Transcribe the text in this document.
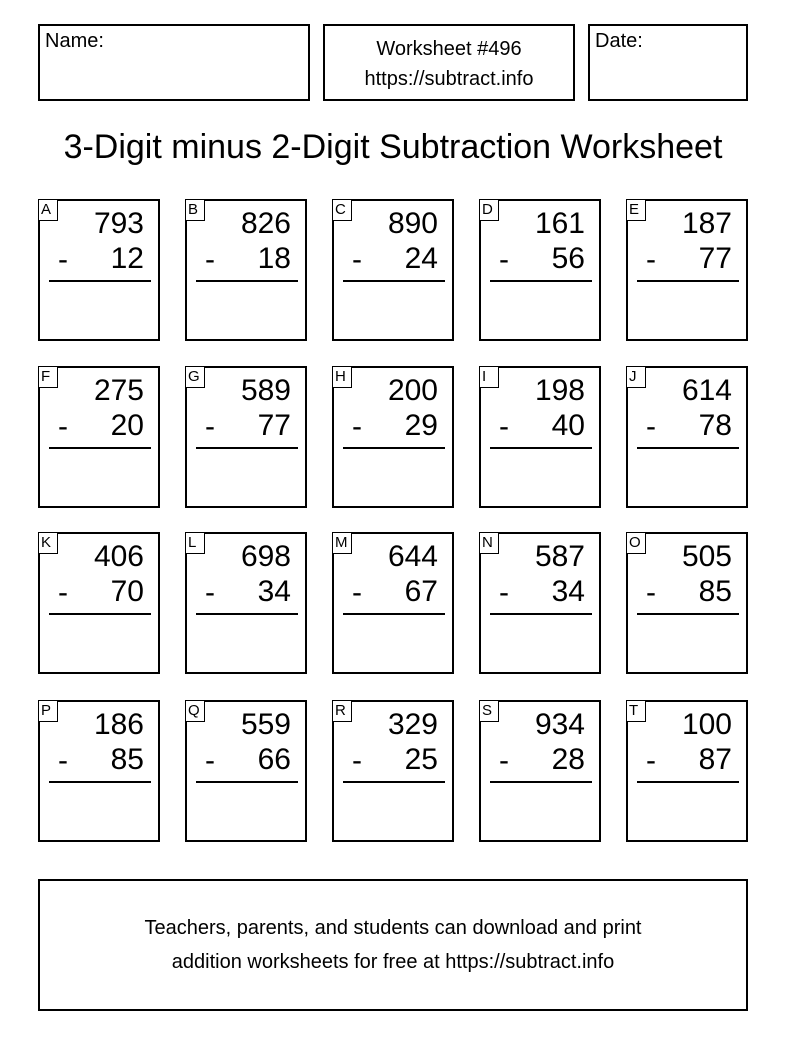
Name:	Worksheet #496
https://subtract.info
Date:
3-Digit minus 2-Digit Subtraction Worksheet
A 793
- 12
B 826
- 18
C 890
- 24
D 161
- 56
E 187
- 77
F 275
- 20
G 589
- 77
H 200
- 29
I	198
- 40
J	614
- 78
K 406
- 70
L 698
- 34
M 644
- 67
N 587
- 34
O 505
- 85
P 186
- 85
Q 559
- 66
R 329
- 25
S 934
- 28
T 100
- 87
Teachers, parents, and students can download and print
addition worksheets for free at https://subtract.info
